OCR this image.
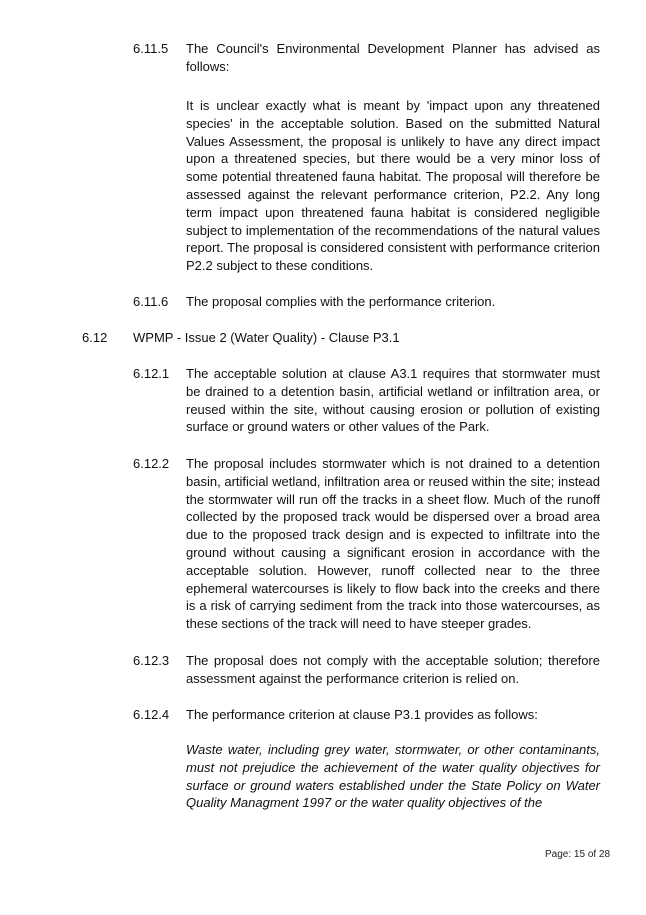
6.11.5 The Council's Environmental Development Planner has advised as follows:

It is unclear exactly what is meant by 'impact upon any threatened species' in the acceptable solution. Based on the submitted Natural Values Assessment, the proposal is unlikely to have any direct impact upon a threatened species, but there would be a very minor loss of some potential threatened fauna habitat. The proposal will therefore be assessed against the relevant performance criterion, P2.2. Any long term impact upon threatened fauna habitat is considered negligible subject to implementation of the recommendations of the natural values report. The proposal is considered consistent with performance criterion P2.2 subject to these conditions.

6.11.6 The proposal complies with the performance criterion.

6.12 WPMP - Issue 2 (Water Quality) - Clause P3.1

6.12.1 The acceptable solution at clause A3.1 requires that stormwater must be drained to a detention basin, artificial wetland or infiltration area, or reused within the site, without causing erosion or pollution of existing surface or ground waters or other values of the Park.

6.12.2 The proposal includes stormwater which is not drained to a detention basin, artificial wetland, infiltration area or reused within the site; instead the stormwater will run off the tracks in a sheet flow. Much of the runoff collected by the proposed track would be dispersed over a broad area due to the proposed track design and is expected to infiltrate into the ground without causing a significant erosion in accordance with the acceptable solution. However, runoff collected near to the three ephemeral watercourses is likely to flow back into the creeks and there is a risk of carrying sediment from the track into those watercourses, as these sections of the track will need to have steeper grades.

6.12.3 The proposal does not comply with the acceptable solution; therefore assessment against the performance criterion is relied on.

6.12.4 The performance criterion at clause P3.1 provides as follows:

Waste water, including grey water, stormwater, or other contaminants, must not prejudice the achievement of the water quality objectives for surface or ground waters established under the State Policy on Water Quality Managment 1997 or the water quality objectives of the

Page: 15 of 28
